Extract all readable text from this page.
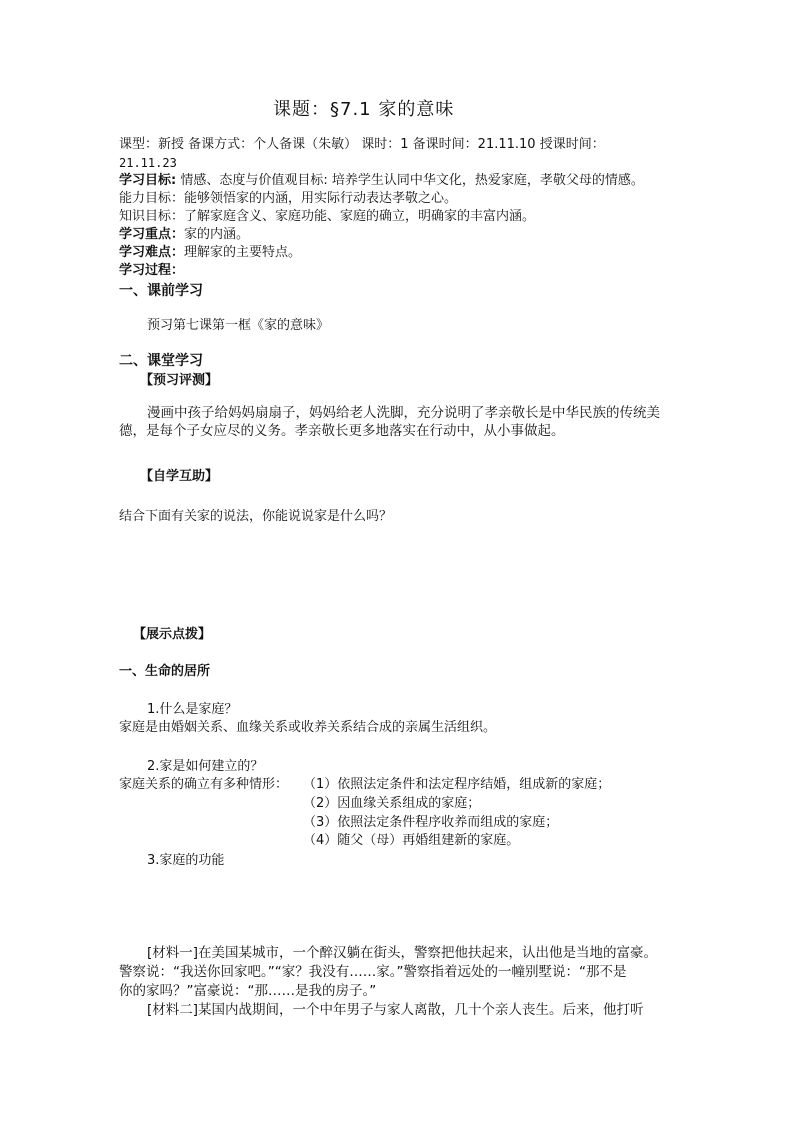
课题：§7.1 家的意味
课型：新授 备课方式：个人备课（朱敏） 课时：1 备课时间：21.11.10 授课时间：
21.11.23
学习目标: 情感、态度与价值观目标: 培养学生认同中华文化，热爱家庭，孝敬父母的情感。
能力目标：能够领悟家的内涵，用实际行动表达孝敬之心。
知识目标：了解家庭含义、家庭功能、家庭的确立，明确家的丰富内涵。
学习重点：家的内涵。
学习难点：理解家的主要特点。
学习过程：
一、课前学习
预习第七课第一框《家的意味》
二、课堂学习
【预习评测】
漫画中孩子给妈妈扇扇子，妈妈给老人洗脚，充分说明了孝亲敬长是中华民族的传统美
德，是每个子女应尽的义务。孝亲敬长更多地落实在行动中，从小事做起。
【自学互助】
结合下面有关家的说法，你能说说家是什么吗？
【展示点拨】
一、生命的居所
1.什么是家庭？
家庭是由婚姻关系、血缘关系或收养关系结合成的亲属生活组织。
2.家是如何建立的？
家庭关系的确立有多种情形： （1）依照法定条件和法定程序结婚，组成新的家庭；
（2）因血缘关系组成的家庭；
（3）依照法定条件程序收养而组成的家庭；
（4）随父（母）再婚组建新的家庭。
3.家庭的功能
[材料一]在美国某城市，一个醉汉躺在街头，警察把他扶起来，认出他是当地的富豪。
警察说：“我送你回家吧。”“家？我没有……家。”警察指着远处的一幢别墅说：“那不是
你的家吗？”富豪说：“那……是我的房子。”
[材料二]某国内战期间，一个中年男子与家人离散，几十个亲人丧生。后来，他打听
